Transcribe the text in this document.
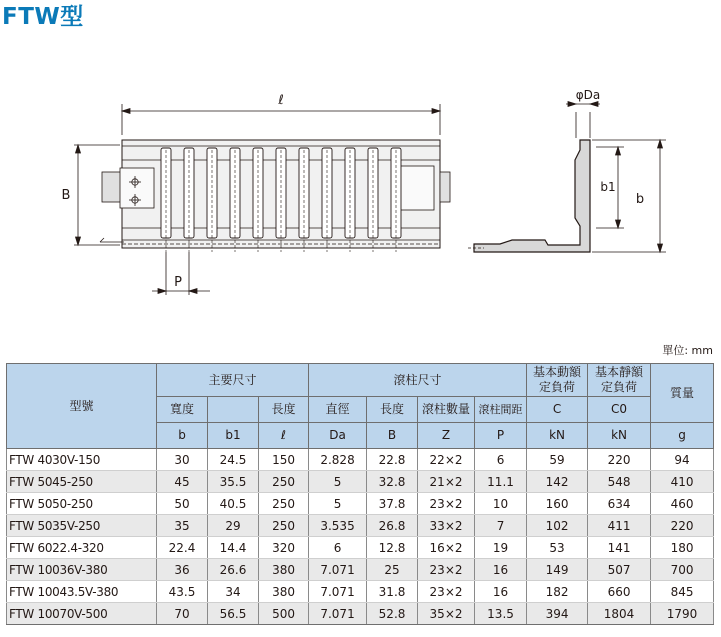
FTW型
ℓ
B
P
φDa
b1
b
單位: mm
型號	主要尺寸			滾柱尺寸				基本動額定負荷	基本靜額定負荷	質量
	寬度		長度	直徑	長度	滾柱數量	滾柱間距	C	C0	
	b	b1	ℓ	Da	B	Z	P	kN	kN	g
FTW 4030V-150	30	24.5	150	2.828	22.8	22×2	6	59	220	94
FTW 5045-250	45	35.5	250	5	32.8	21×2	11.1	142	548	410
FTW 5050-250	50	40.5	250	5	37.8	23×2	10	160	634	460
FTW 5035V-250	35	29	250	3.535	26.8	33×2	7	102	411	220
FTW 6022.4-320	22.4	14.4	320	6	12.8	16×2	19	53	141	180
FTW 10036V-380	36	26.6	380	7.071	25	23×2	16	149	507	700
FTW 10043.5V-380	43.5	34	380	7.071	31.8	23×2	16	182	660	845
FTW 10070V-500	70	56.5	500	7.071	52.8	35×2	13.5	394	1804	1790
